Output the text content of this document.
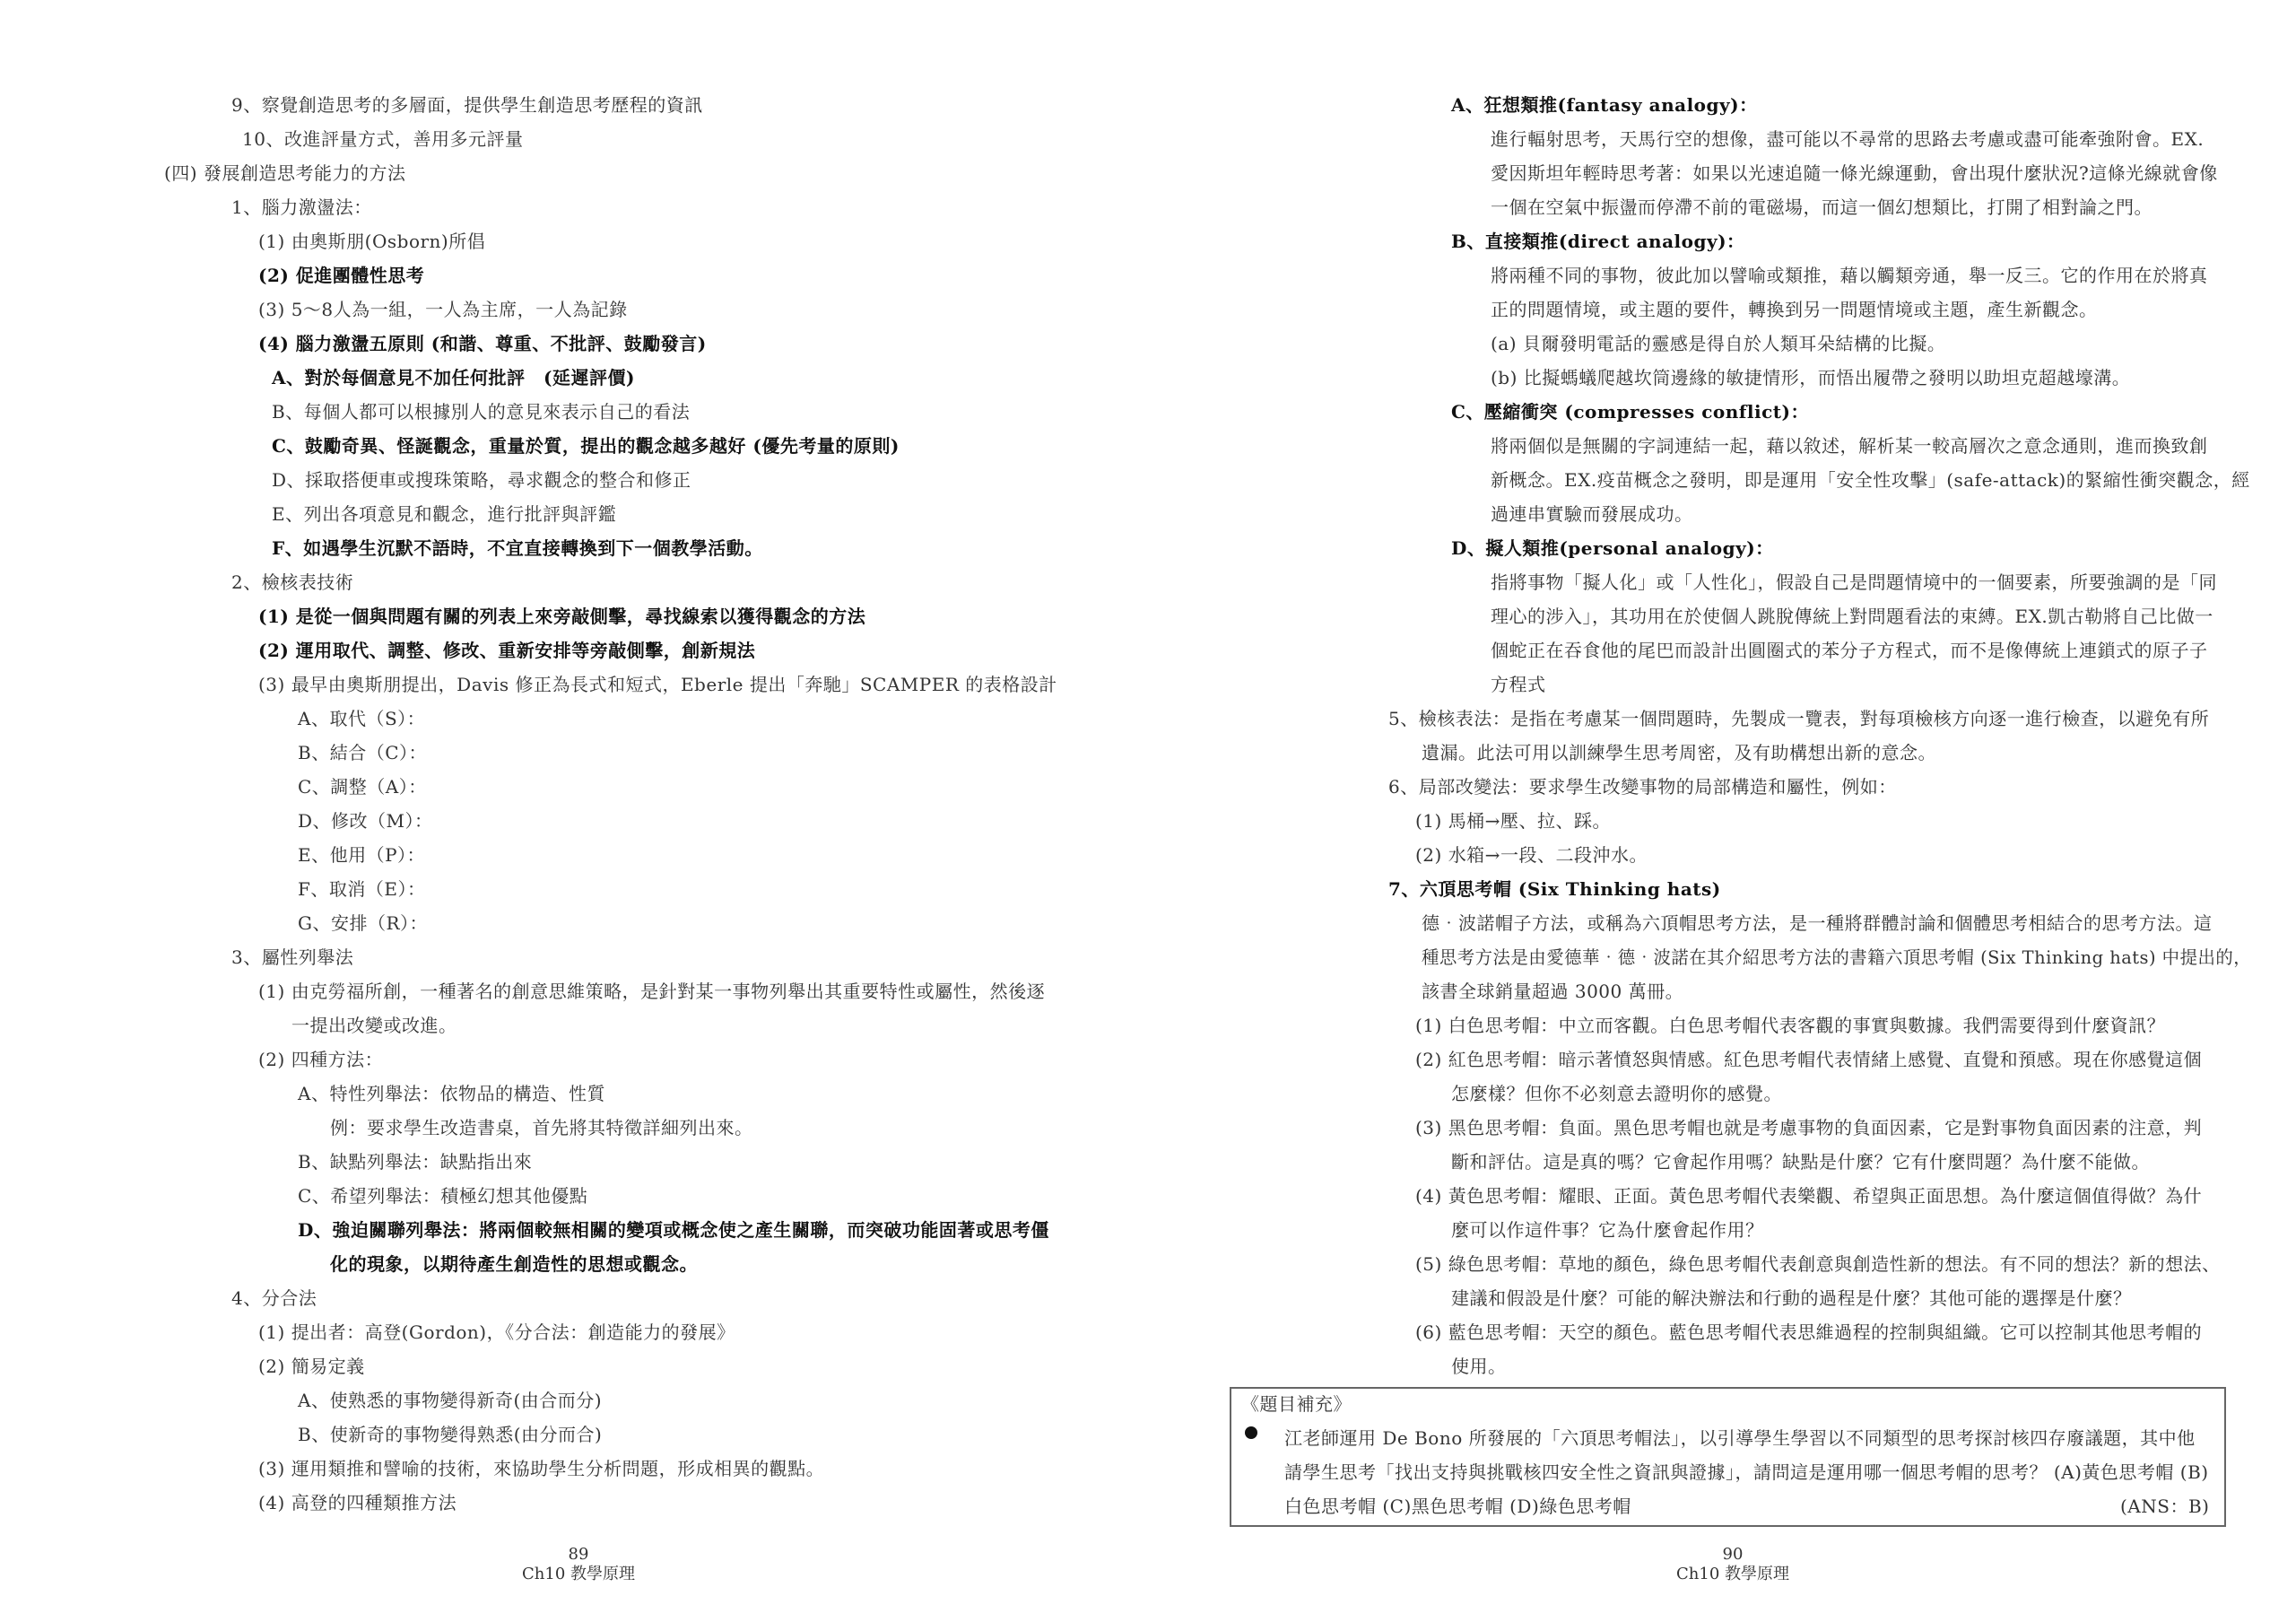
9、察覺創造思考的多層面，提供學生創造思考歷程的資訊
10、改進評量方式，善用多元評量
(四) 發展創造思考能力的方法
1、腦力激盪法：
(1) 由奧斯朋(Osborn)所倡
(2) 促進團體性思考
(3) 5～8人為一組，一人為主席，一人為記錄
(4) 腦力激盪五原則 (和諧、尊重、不批評、鼓勵發言)
A、對於每個意見不加任何批評　(延遲評價)
B、每個人都可以根據別人的意見來表示自己的看法
C、鼓勵奇異、怪誕觀念，重量於質，提出的觀念越多越好 (優先考量的原則)
D、採取搭便車或搜珠策略，尋求觀念的整合和修正
E、列出各項意見和觀念，進行批評與評鑑
F、如遇學生沉默不語時，不宜直接轉換到下一個教學活動。
2、檢核表技術
(1) 是從一個與問題有關的列表上來旁敲側擊，尋找線索以獲得觀念的方法
(2) 運用取代、調整、修改、重新安排等旁敲側擊，創新規法
(3) 最早由奧斯朋提出，Davis 修正為長式和短式，Eberle 提出「奔馳」SCAMPER 的表格設計
A、取代（S）：
B、結合（C）：
C、調整（A）：
D、修改（M）：
E、他用（P）：
F、取消（E）：
G、安排（R）：
3、屬性列舉法
(1) 由克勞福所創，一種著名的創意思維策略，是針對某一事物列舉出其重要特性或屬性，然後逐
一提出改變或改進。
(2) 四種方法：
A、特性列舉法：依物品的構造、性質
例：要求學生改造書桌，首先將其特徵詳細列出來。
B、缺點列舉法：缺點指出來
C、希望列舉法：積極幻想其他優點
D、強迫關聯列舉法：將兩個較無相關的變項或概念使之產生關聯，而突破功能固著或思考僵
化的現象，以期待產生創造性的思想或觀念。
4、分合法
(1) 提出者：高登(Gordon)，《分合法：創造能力的發展》
(2) 簡易定義
A、使熟悉的事物變得新奇(由合而分)
B、使新奇的事物變得熟悉(由分而合)
(3) 運用類推和譬喻的技術，來協助學生分析問題，形成相異的觀點。
(4) 高登的四種類推方法
89
Ch10 教學原理
A、狂想類推(fantasy analogy)：
進行輻射思考，天馬行空的想像，盡可能以不尋常的思路去考慮或盡可能牽強附會。EX.
愛因斯坦年輕時思考著：如果以光速追隨一條光線運動，會出現什麼狀況?這條光線就會像
一個在空氣中振盪而停滯不前的電磁場，而這一個幻想類比，打開了相對論之門。
B、直接類推(direct analogy)：
將兩種不同的事物，彼此加以譬喻或類推，藉以觸類旁通，舉一反三。它的作用在於將真
正的問題情境，或主題的要件，轉換到另一問題情境或主題，產生新觀念。
(a) 貝爾發明電話的靈感是得自於人類耳朵結構的比擬。
(b) 比擬螞蟻爬越坎筒邊緣的敏捷情形，而悟出履帶之發明以助坦克超越壕溝。
C、壓縮衝突 (compresses conflict)：
將兩個似是無關的字詞連結一起，藉以敘述，解析某一較高層次之意念通則，進而換致創
新概念。EX.疫苗概念之發明，即是運用「安全性攻擊」(safe-attack)的緊縮性衝突觀念，經
過連串實驗而發展成功。
D、擬人類推(personal analogy)：
指將事物「擬人化」或「人性化」，假設自己是問題情境中的一個要素，所要強調的是「同
理心的涉入」，其功用在於使個人跳脫傳統上對問題看法的束縛。EX.凱古勒將自己比做一
個蛇正在吞食他的尾巴而設計出圓圈式的苯分子方程式，而不是像傳統上連鎖式的原子子
方程式
5、檢核表法：是指在考慮某一個問題時，先製成一覽表，對每項檢核方向逐一進行檢查，以避免有所
遺漏。此法可用以訓練學生思考周密，及有助構想出新的意念。
6、局部改變法：要求學生改變事物的局部構造和屬性，例如：
(1) 馬桶→壓、拉、踩。
(2) 水箱→一段、二段沖水。
7、六頂思考帽 (Six Thinking hats)
德‧波諾帽子方法，或稱為六頂帽思考方法，是一種將群體討論和個體思考相結合的思考方法。這
種思考方法是由愛德華‧德‧波諾在其介紹思考方法的書籍六頂思考帽 (Six Thinking hats) 中提出的，
該書全球銷量超過 3000 萬冊。
(1) 白色思考帽：中立而客觀。白色思考帽代表客觀的事實與數據。我們需要得到什麼資訊？
(2) 紅色思考帽：暗示著憤怒與情感。紅色思考帽代表情緒上感覺、直覺和預感。現在你感覺這個
怎麼樣？但你不必刻意去證明你的感覺。
(3) 黑色思考帽：負面。黑色思考帽也就是考慮事物的負面因素，它是對事物負面因素的注意，判
斷和評估。這是真的嗎？它會起作用嗎？缺點是什麼？它有什麼問題？為什麼不能做。
(4) 黃色思考帽：耀眼、正面。黃色思考帽代表樂觀、希望與正面思想。為什麼這個值得做？為什
麼可以作這件事？它為什麼會起作用？
(5) 綠色思考帽：草地的顏色，綠色思考帽代表創意與創造性新的想法。有不同的想法？新的想法、
建議和假設是什麼？可能的解決辦法和行動的過程是什麼？其他可能的選擇是什麼？
(6) 藍色思考帽：天空的顏色。藍色思考帽代表思維過程的控制與組織。它可以控制其他思考帽的
使用。
《題目補充》
江老師運用 De Bono 所發展的「六頂思考帽法」，以引導學生學習以不同類型的思考探討核四存廢議題，其中他
請學生思考「找出支持與挑戰核四安全性之資訊與證據」，請問這是運用哪一個思考帽的思考？ (A)黃色思考帽 (B)
白色思考帽 (C)黑色思考帽 (D)綠色思考帽	(ANS：B)
90
Ch10 教學原理
